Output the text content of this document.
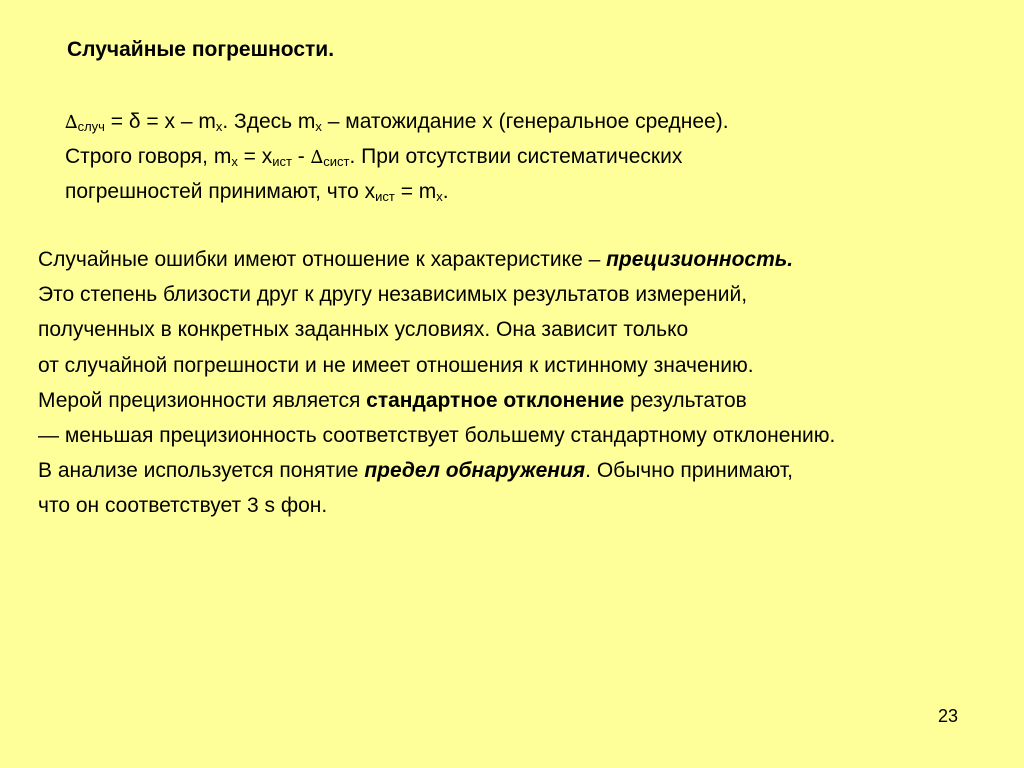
Случайные погрешности.
$\Delta_{случ} = \delta = x - m_x$. Здесь $m_x$ – матожидание x (генеральное среднее).
Строго говоря, $m_x = x_{ист} - \Delta_{сист}$. При отсутствии систематических
погрешностей принимают, что $x_{ист} = m_x$.
Случайные ошибки имеют отношение к характеристике – прецизионность.
Это степень близости друг к другу независимых результатов измерений,
полученных в конкретных заданных условиях. Она зависит только
от случайной погрешности и не имеет отношения к истинному значению.
Мерой прецизионности является стандартное отклонение результатов
— меньшая прецизионность соответствует большему стандартному отклонению.
В анализе используется понятие предел обнаружения. Обычно принимают,
что он соответствует 3 s фон.
23
